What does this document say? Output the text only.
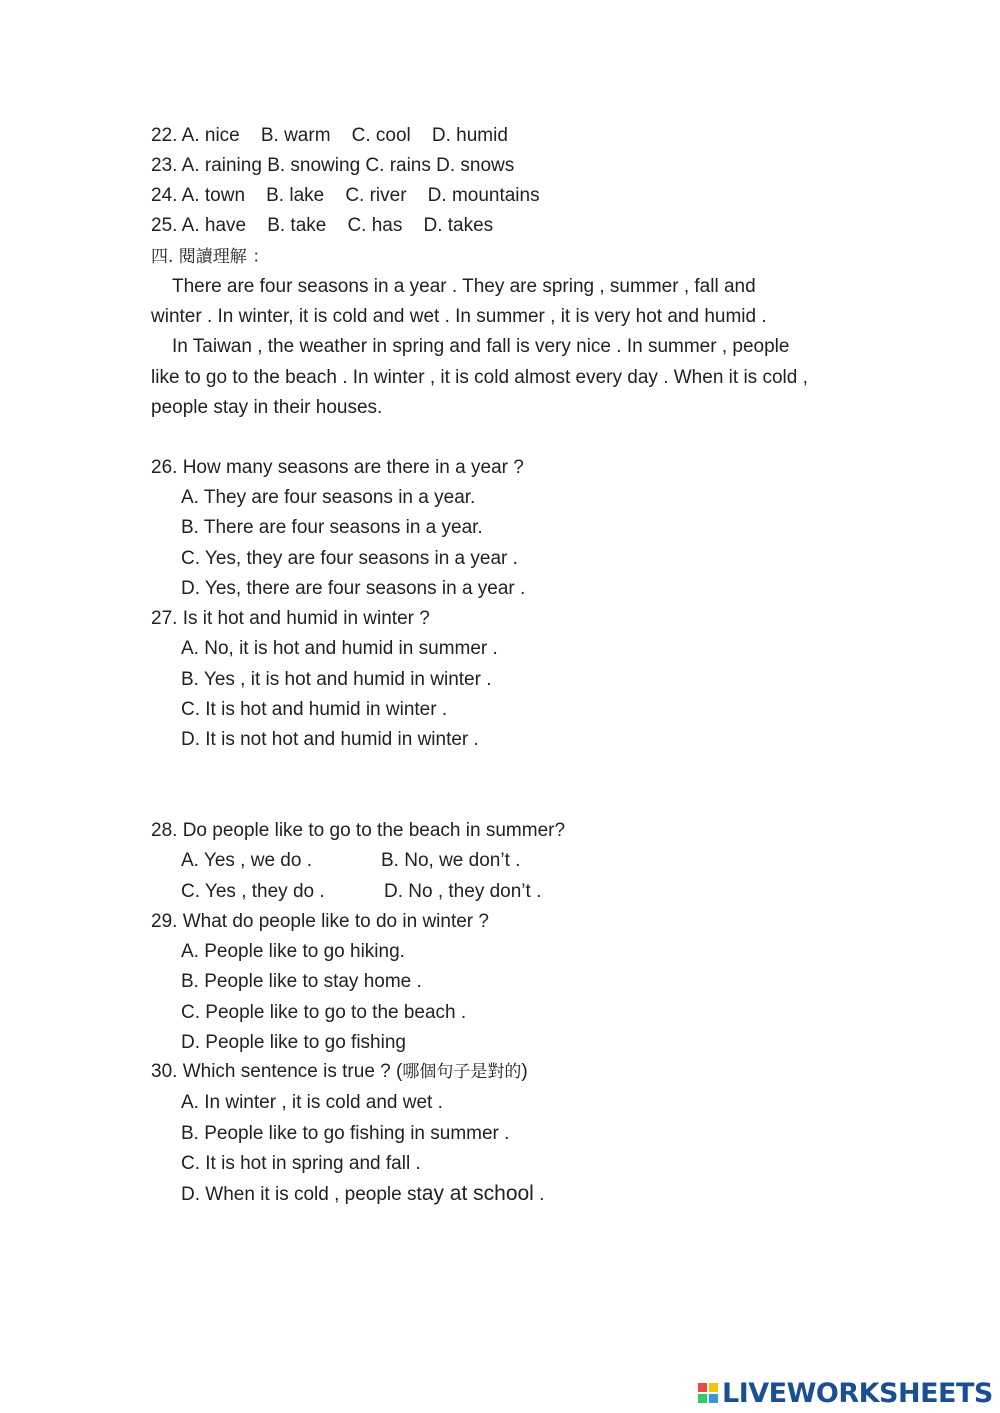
22. A. nice    B. warm    C. cool    D. humid
23. A. raining B. snowing C. rains D. snows
24. A. town    B. lake    C. river    D. mountains
25. A. have    B. take    C. has    D. takes
四. 閱讀理解 ：
There are four seasons in a year . They are spring , summer , fall and
winter . In winter, it is cold and wet . In summer , it is very hot and humid .
In Taiwan , the weather in spring and fall is very nice . In summer , people
like to go to the beach . In winter , it is cold almost every day . When it is cold ,
people stay in their houses.
26. How many seasons are there in a year ?
A. They are four seasons in a year.
B. There are four seasons in a year.
C. Yes, they are four seasons in a year .
D. Yes, there are four seasons in a year .
27. Is it hot and humid in winter ?
A. No, it is hot and humid in summer .
B. Yes , it is hot and humid in winter .
C. It is hot and humid in winter .
D. It is not hot and humid in winter .
28. Do people like to go to the beach in summer?
A. Yes , we do .	B. No, we don’t .
C. Yes , they do .	D. No , they don’t .
29. What do people like to do in winter ?
A. People like to go hiking.
B. People like to stay home .
C. People like to go to the beach .
D. People like to go fishing
30. Which sentence is true ? (哪個句子是對的)
A. In winter , it is cold and wet .
B. People like to go fishing in summer .
C. It is hot in spring and fall .
D. When it is cold , people stay at school .
LIVEWORKSHEETS
